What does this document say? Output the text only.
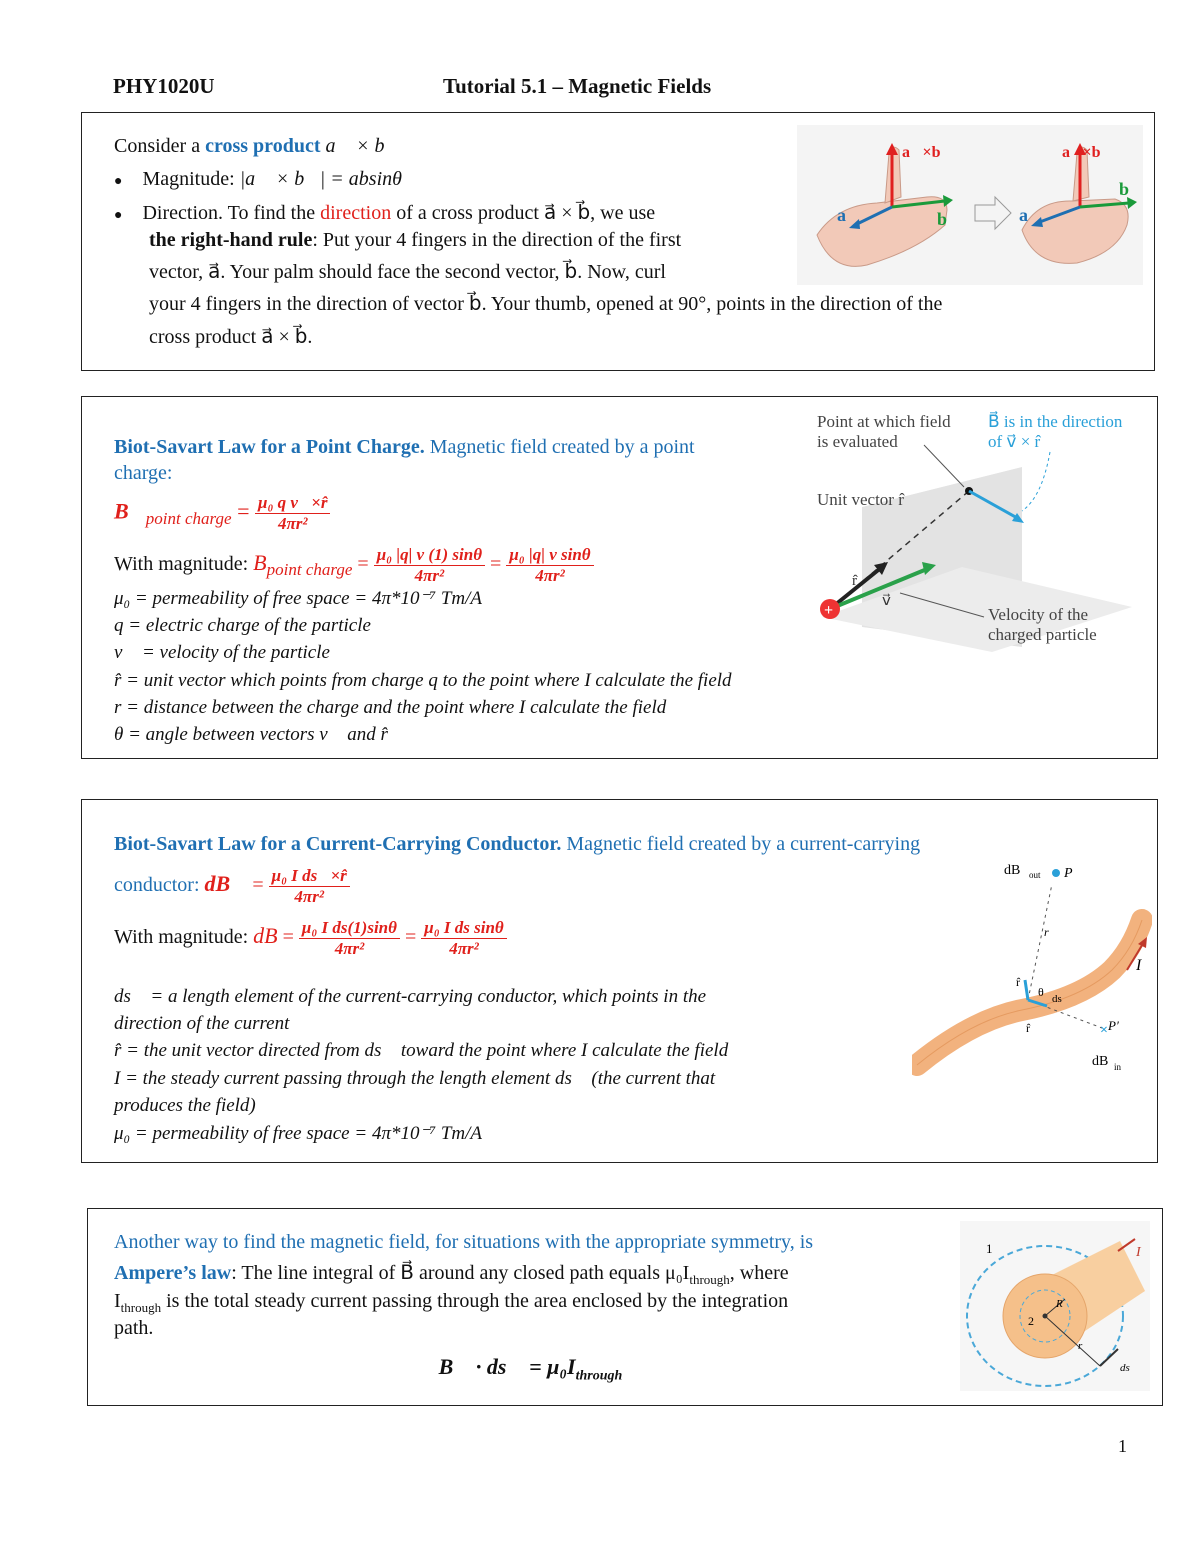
PHY1020U	Tutorial 5.1 – Magnetic Fields
Consider a cross product a⃗ × b⃗
● Magnitude: |a⃗ × b⃗| = absinθ
● Direction. To find the direction of a cross product a⃗ × b⃗, we use
the right-hand rule: Put your 4 fingers in the direction of the first
vector, a⃗. Your palm should face the second vector, b⃗. Now, curl
your 4 fingers in the direction of vector b⃗. Your thumb, opened at 90°, points in the direction of the
cross product a⃗ × b⃗.
a⃗×b⃗
a⃗	b⃗
a⃗×b⃗
a⃗
b⃗
Biot-Savart Law for a Point Charge. Magnetic field created by a point
charge:
$B⃗_{point charge} = \frac{\text{μ₀ q v⃗×r̂}}{\text{4πr²}}$
With magnitude: $B_{point charge} = \frac{\text{μ₀ |q| v (1) sinθ}}{\text{4πr²}} = \frac{\text{μ₀ |q| v sinθ}}{\text{4πr²}}$
μ₀ = permeability of free space = 4π*10⁻⁷ Tm/A
q = electric charge of the particle
v⃗ = velocity of the particle
r̂ = unit vector which points from charge q to the point where I calculate the field
r = distance between the charge and the point where I calculate the field
θ = angle between vectors v⃗ and r̂
+
Point at which field
is evaluated
B⃗ is in the direction
of v⃗ × r̂
Unit vector r̂
Velocity of the
charged particle
r̂
v⃗
Biot-Savart Law for a Current-Carrying Conductor. Magnetic field created by a current-carrying
conductor: dB⃗ = $\frac{\text{μ₀ I ds⃗×r̂}}{\text{4πr²}}$
With magnitude: dB = $\frac{\text{μ₀ I ds(1)sinθ}}{\text{4πr²}} = \frac{\text{μ₀ I ds sinθ}}{\text{4πr²}}$
ds⃗ = a length element of the current-carrying conductor, which points in the
direction of the current
r̂ = the unit vector directed from ds⃗ toward the point where I calculate the field
I = the steady current passing through the length element ds⃗ (the current that
produces the field)
μ₀ = permeability of free space = 4π*10⁻⁷ Tm/A
×
dB out P
P′
dB in
I
r
r̂
θ ds
r̂
Another way to find the magnetic field, for situations with the appropriate symmetry, is
Ampere’s law: The line integral of B⃗ around any closed path equals $\mu_0I_{through}$, where
$I_{through}$ is the total steady current passing through the area enclosed by the integration
path.
∮ B⃗ · ds⃗ = $\mu_0I_{through}$
1
2
R
r
ds
I
1
